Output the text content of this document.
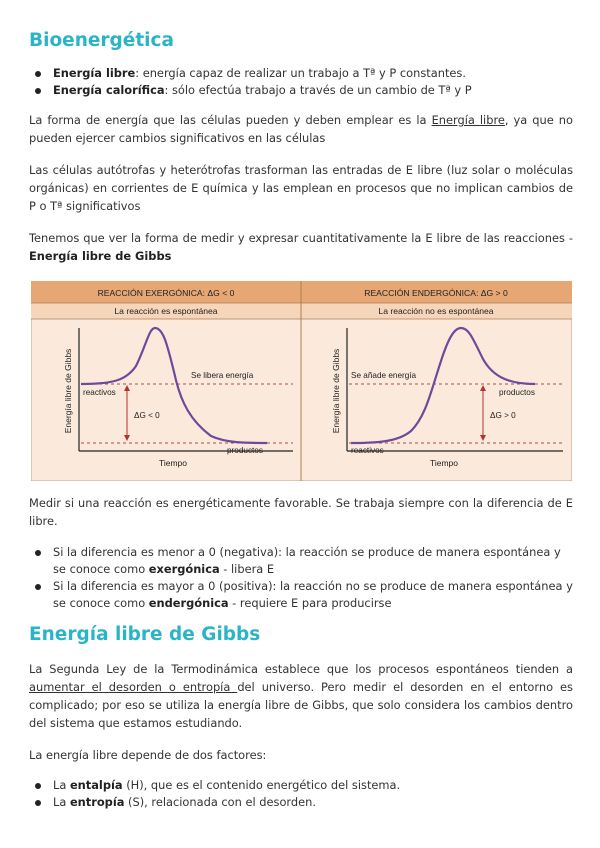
Bioenergética
Energía libre: energía capaz de realizar un trabajo a Tª y P constantes.
Energía calorífica: sólo efectúa trabajo a través de un cambio de Tª y P

La forma de energía que las células pueden y deben emplear es la Energía libre, ya que no pueden ejercer cambios significativos en las células

Las células autótrofas y heterótrofas trasforman las entradas de E libre (luz solar o moléculas orgánicas) en corrientes de E química y las emplean en procesos que no implican cambios de P o Tª significativos

Tenemos que ver la forma de medir y expresar cuantitativamente la E libre de las reacciones - Energía libre de Gibbs

REACCIÓN EXERGÓNICA: ΔG < 0
La reacción es espontánea
REACCIÓN ENDERGÓNICA: ΔG > 0
La reacción no es espontánea
Energía libre de Gibbs
Tiempo
Se libera energía
reactivos
ΔG < 0
productos
Energía libre de Gibbs
Tiempo
Se añade energía
productos
ΔG > 0
reactivos

Medir si una reacción es energéticamente favorable. Se trabaja siempre con la diferencia de E libre.

Si la diferencia es menor a 0 (negativa): la reacción se produce de manera espontánea y se conoce como exergónica - libera E
Si la diferencia es mayor a 0 (positiva): la reacción no se produce de manera espontánea y se conoce como endergónica - requiere E para producirse
Energía libre de Gibbs

La Segunda Ley de la Termodinámica establece que los procesos espontáneos tienden a aumentar el desorden o entropía del universo. Pero medir el desorden en el entorno es complicado; por eso se utiliza la energía libre de Gibbs, que solo considera los cambios dentro del sistema que estamos estudiando.

La energía libre depende de dos factores:

La entalpía (H), que es el contenido energético del sistema.
La entropía (S), relacionada con el desorden.
